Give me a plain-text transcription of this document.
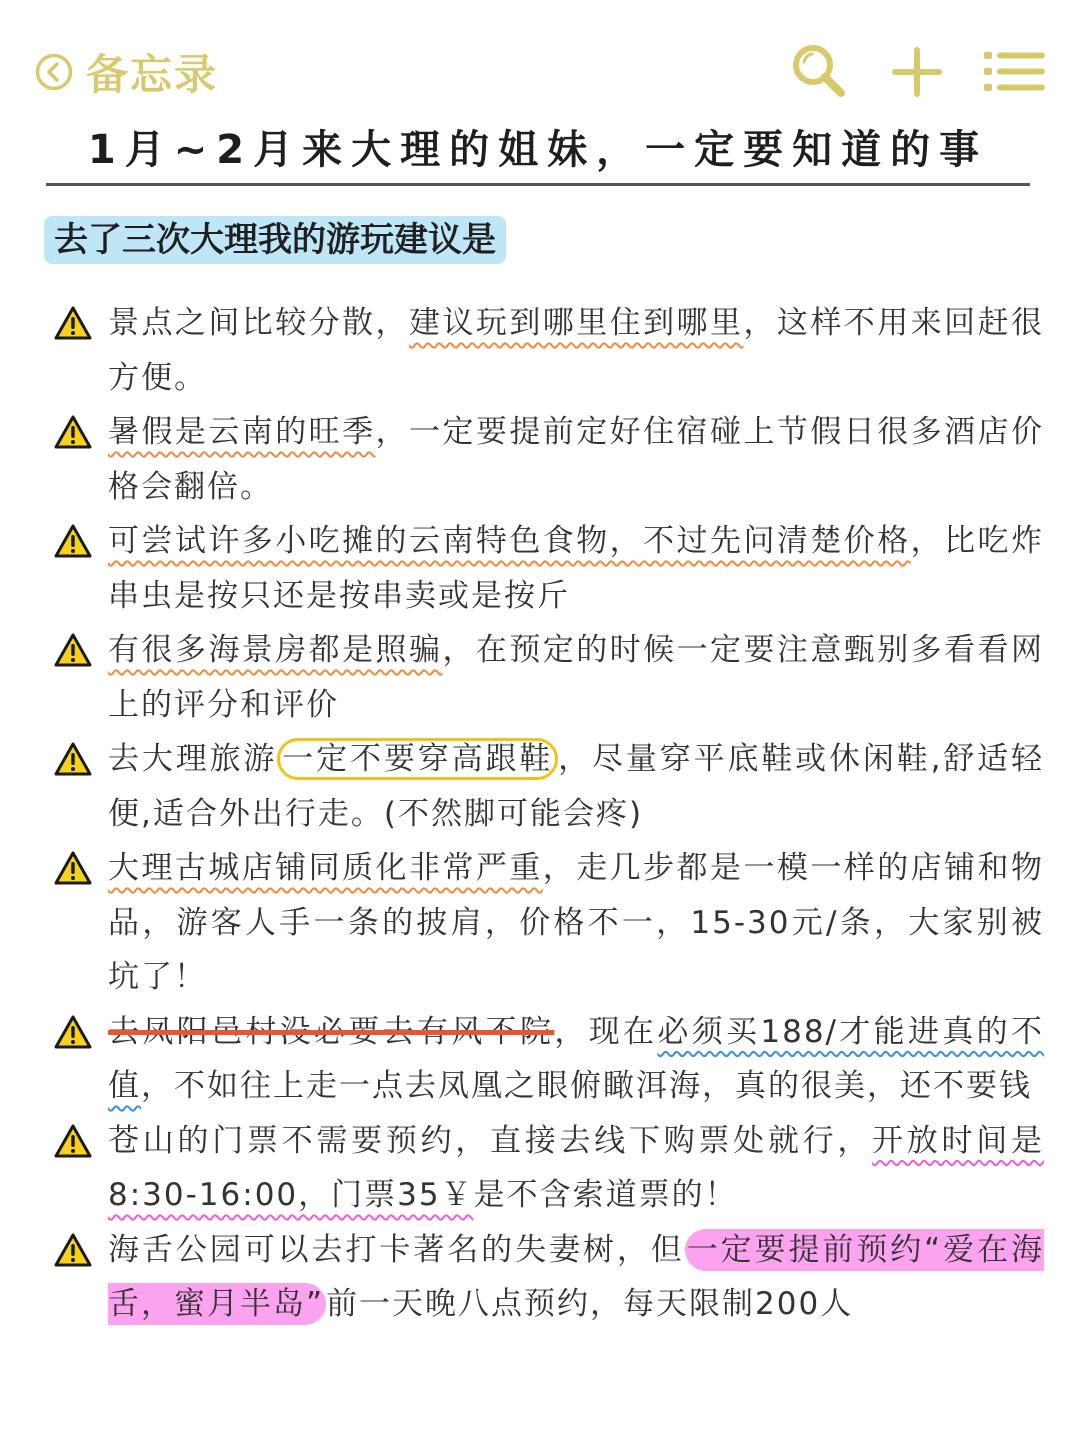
备忘录
1月~2月来大理的姐妹，一定要知道的事
去了三次大理我的游玩建议是
景点之间比较分散，建议玩到哪里住到哪里，这样不用来回赶很方便。
暑假是云南的旺季，一定要提前定好住宿碰上节假日很多酒店价格会翻倍。
可尝试许多小吃摊的云南特色食物，不过先问清楚价格，比吃炸串虫是按只还是按串卖或是按斤
有很多海景房都是照骗，在预定的时候一定要注意甄别多看看网上的评分和评价
去大理旅游 一定不要穿高跟鞋 ，尽量穿平底鞋或休闲鞋,舒适轻便,适合外出行走。(不然脚可能会疼)
大理古城店铺同质化非常严重，走几步都是一模一样的店铺和物品，游客人手一条的披肩，价格不一，15-30元/条，大家别被坑了！
去凤阳邑村没必要去有风不院，现在必须买188/才能进真的不值，不如往上走一点去凤凰之眼俯瞰洱海，真的很美，还不要钱
苍山的门票不需要预约，直接去线下购票处就行，开放时间是8:30-16:00，门票35￥是不含索道票的！
海舌公园可以去打卡著名的失妻树，但一定要提前预约“爱在海舌，蜜月半岛”前一天晚八点预约，每天限制200人
